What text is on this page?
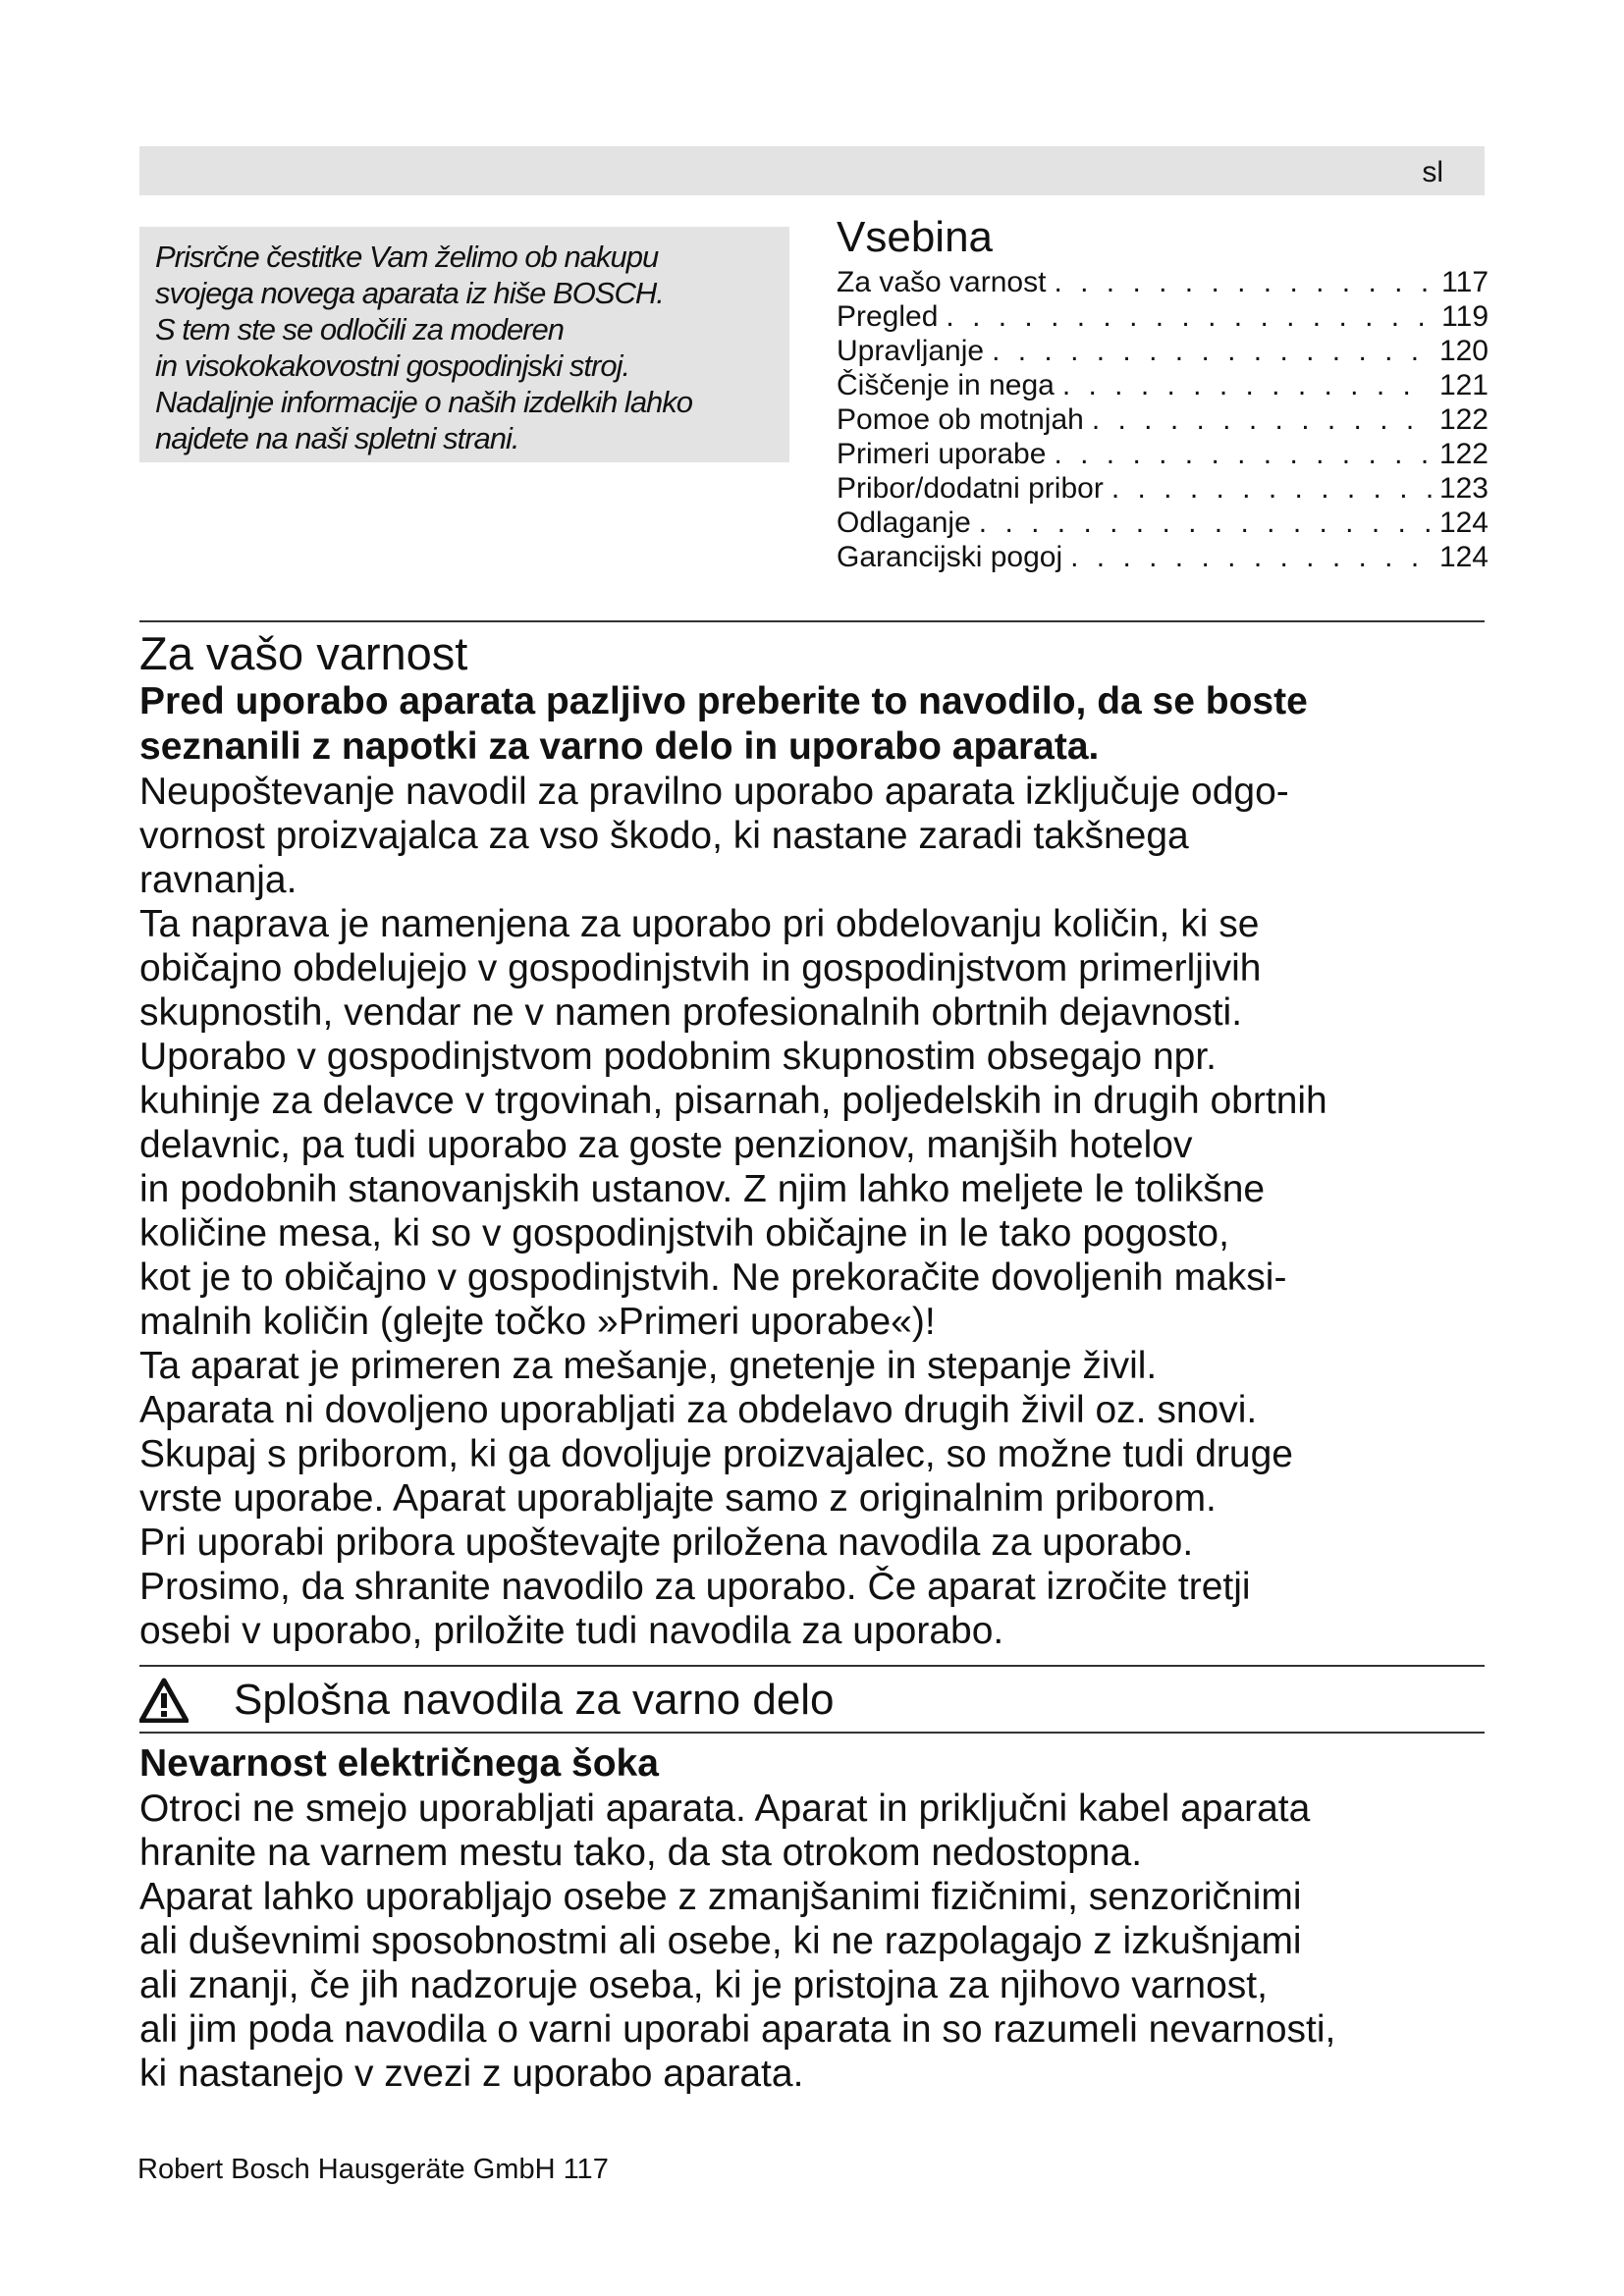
sl

Prisrčne čestitke Vam želimo ob nakupu
svojega novega aparata iz hiše BOSCH.
S tem ste se odločili za moderen
in visokokakovostni gospodinjski stroj.
Nadaljnje informacije o naših izdelkih lahko
najdete na naši spletni strani.

Vsebina
Za vašo varnost . . .	117
Pregled . . .	119
Upravljanje . . .	120
Čiščenje in nega . . .	121
Pomoe ob motnjah . . .	122
Primeri uporabe . . .	122
Pribor/dodatni pribor . . .	123
Odlaganje . . .	124
Garancijski pogoj . . .	124
Za vašo varnost

Pred uporabo aparata pazljivo preberite to navodilo, da se boste

seznanili z napotki za varno delo in uporabo aparata.

Neupoštevanje navodil za pravilno uporabo aparata izključuje odgo-

vornost proizvajalca za vso škodo, ki nastane zaradi takšnega

ravnanja.

Ta naprava je namenjena za uporabo pri obdelovanju količin, ki se

običajno obdelujejo v gospodinjstvih in gospodinjstvom primerljivih

skupnostih, vendar ne v namen profesionalnih obrtnih dejavnosti.

Uporabo v gospodinjstvom podobnim skupnostim obsegajo npr.

kuhinje za delavce v trgovinah, pisarnah, poljedelskih in drugih obrtnih

delavnic, pa tudi uporabo za goste penzionov, manjših hotelov

in podobnih stanovanjskih ustanov. Z njim lahko meljete le tolikšne

količine mesa, ki so v gospodinjstvih običajne in le tako pogosto,

kot je to običajno v gospodinjstvih. Ne prekoračite dovoljenih maksi-

malnih količin (glejte točko »Primeri uporabe«)!

Ta aparat je primeren za mešanje, gnetenje in stepanje živil.

Aparata ni dovoljeno uporabljati za obdelavo drugih živil oz. snovi.

Skupaj s priborom, ki ga dovoljuje proizvajalec, so možne tudi druge

vrste uporabe. Aparat uporabljajte samo z originalnim priborom.

Pri uporabi pribora upoštevajte priložena navodila za uporabo.

Prosimo, da shranite navodilo za uporabo. Če aparat izročite tretji

osebi v uporabo, priložite tudi navodila za uporabo.

Splošna navodila za varno delo
Nevarnost električnega šoka

Otroci ne smejo uporabljati aparata. Aparat in priključni kabel aparata

hranite na varnem mestu tako, da sta otrokom nedostopna.

Aparat lahko uporabljajo osebe z zmanjšanimi fizičnimi, senzoričnimi

ali duševnimi sposobnostmi ali osebe, ki ne razpolagajo z izkušnjami

ali znanji, če jih nadzoruje oseba, ki je pristojna za njihovo varnost,

ali jim poda navodila o varni uporabi aparata in so razumeli nevarnosti,

ki nastanejo v zvezi z uporabo aparata.

Robert Bosch Hausgeräte GmbH 117
